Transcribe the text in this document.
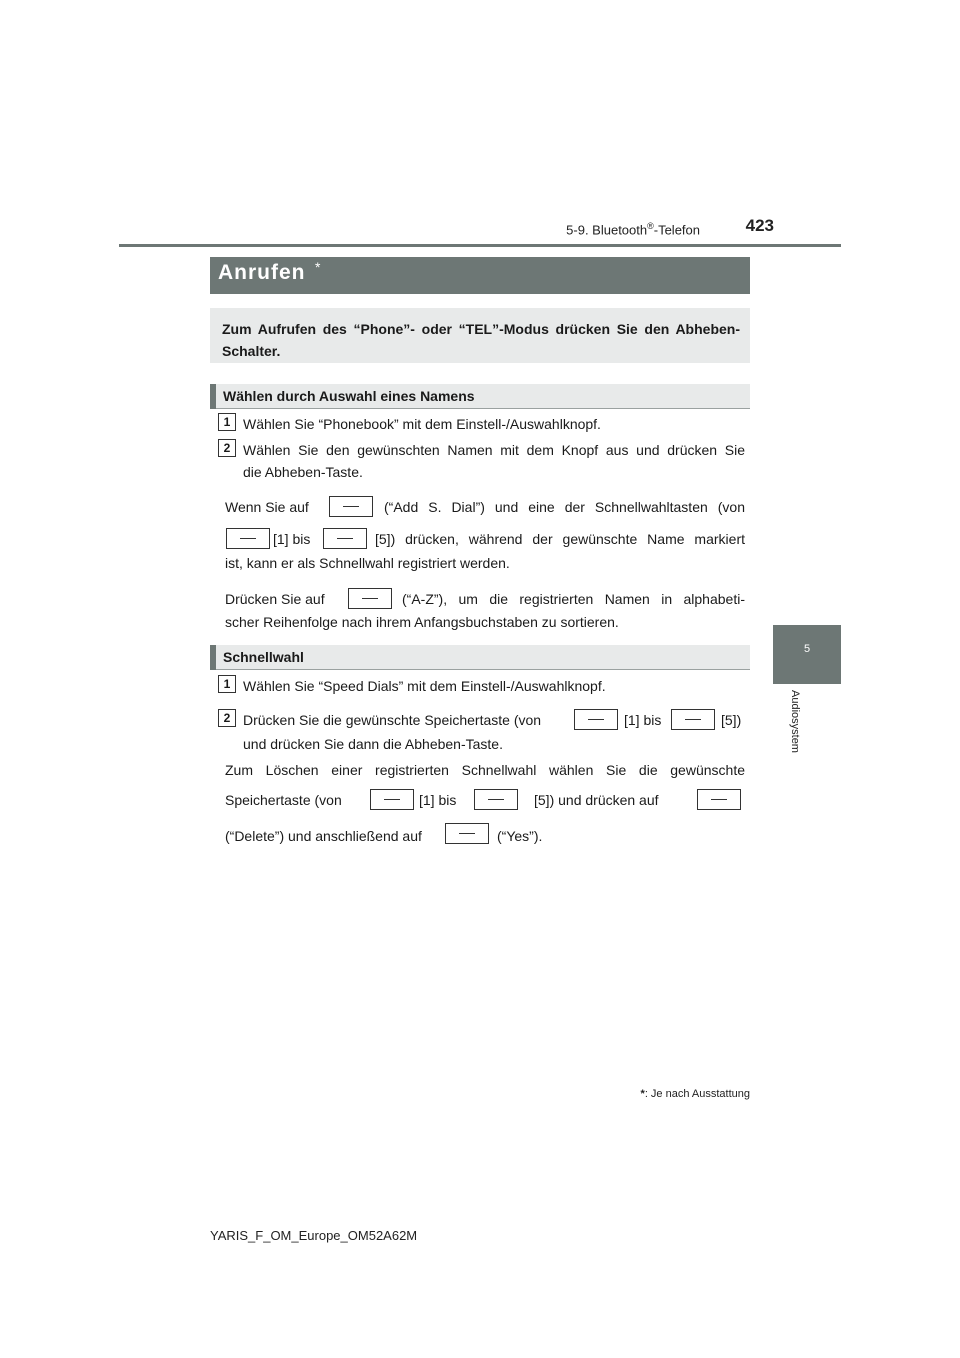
5-9. Bluetooth®-Telefon	423
5
Audiosystem
Anrufen *

Zum Aufrufen des “Phone”- oder “TEL”-Modus drücken Sie den Abheben-Schalter.

Wählen durch Auswahl eines Namens
1 Wählen Sie “Phonebook” mit dem Einstell-/Auswahlknopf.
2 Wählen Sie den gewünschten Namen mit dem Knopf aus und drücken Sie
die Abheben-Taste.
Wenn Sie auf	(“Add S. Dial”) und eine der Schnellwahltasten (von
[1] bis	[5]) drücken, während der gewünschte Name markiert
ist, kann er als Schnellwahl registriert werden.
Drücken Sie auf	(“A-Z”), um die registrierten Namen in alphabeti-
scher Reihenfolge nach ihrem Anfangsbuchstaben zu sortieren.
Schnellwahl
1 Wählen Sie “Speed Dials” mit dem Einstell-/Auswahlknopf.
2 Drücken Sie die gewünschte Speichertaste (von	[1] bis	[5])
und drücken Sie dann die Abheben-Taste.
Zum Löschen einer registrierten Schnellwahl wählen Sie die gewünschte
Speichertaste (von	[1] bis	[5]) und drücken auf
(“Delete”) und anschließend auf	(“Yes”).
*: Je nach Ausstattung
YARIS_F_OM_Europe_OM52A62M
